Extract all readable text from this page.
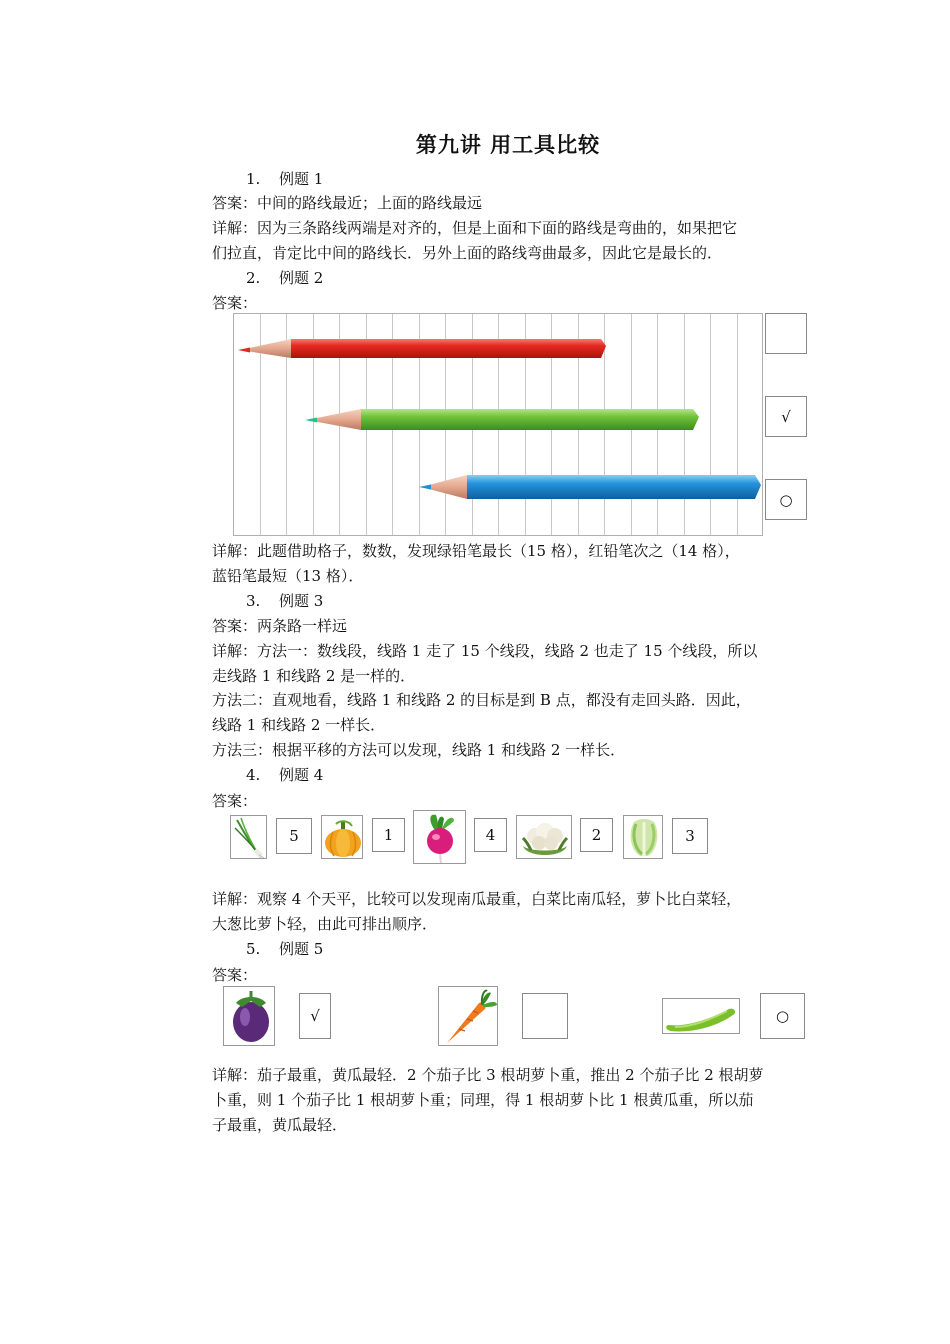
第九讲 用工具比较
1. 例题 1
答案：中间的路线最近；上面的路线最远
详解：因为三条路线两端是对齐的，但是上面和下面的路线是弯曲的，如果把它
们拉直，肯定比中间的路线长．另外上面的路线弯曲最多，因此它是最长的．
2. 例题 2
答案：
√
○
详解：此题借助格子，数数，发现绿铅笔最长（15 格），红铅笔次之（14 格），
蓝铅笔最短（13 格）．
3. 例题 3
答案：两条路一样远
详解：方法一：数线段，线路 1 走了 15 个线段，线路 2 也走了 15 个线段，所以
走线路 1 和线路 2 是一样的．
方法二：直观地看，线路 1 和线路 2 的目标是到 B 点，都没有走回头路．因此，
线路 1 和线路 2 一样长．
方法三：根据平移的方法可以发现，线路 1 和线路 2 一样长．
4. 例题 4
答案：
5	1	4	2	3
详解：观察 4 个天平，比较可以发现南瓜最重，白菜比南瓜轻，萝卜比白菜轻，
大葱比萝卜轻，由此可排出顺序．
5. 例题 5
答案：
√	○
详解：茄子最重，黄瓜最轻．2 个茄子比 3 根胡萝卜重，推出 2 个茄子比 2 根胡萝
卜重，则 1 个茄子比 1 根胡萝卜重；同理，得 1 根胡萝卜比 1 根黄瓜重，所以茄
子最重，黄瓜最轻．
